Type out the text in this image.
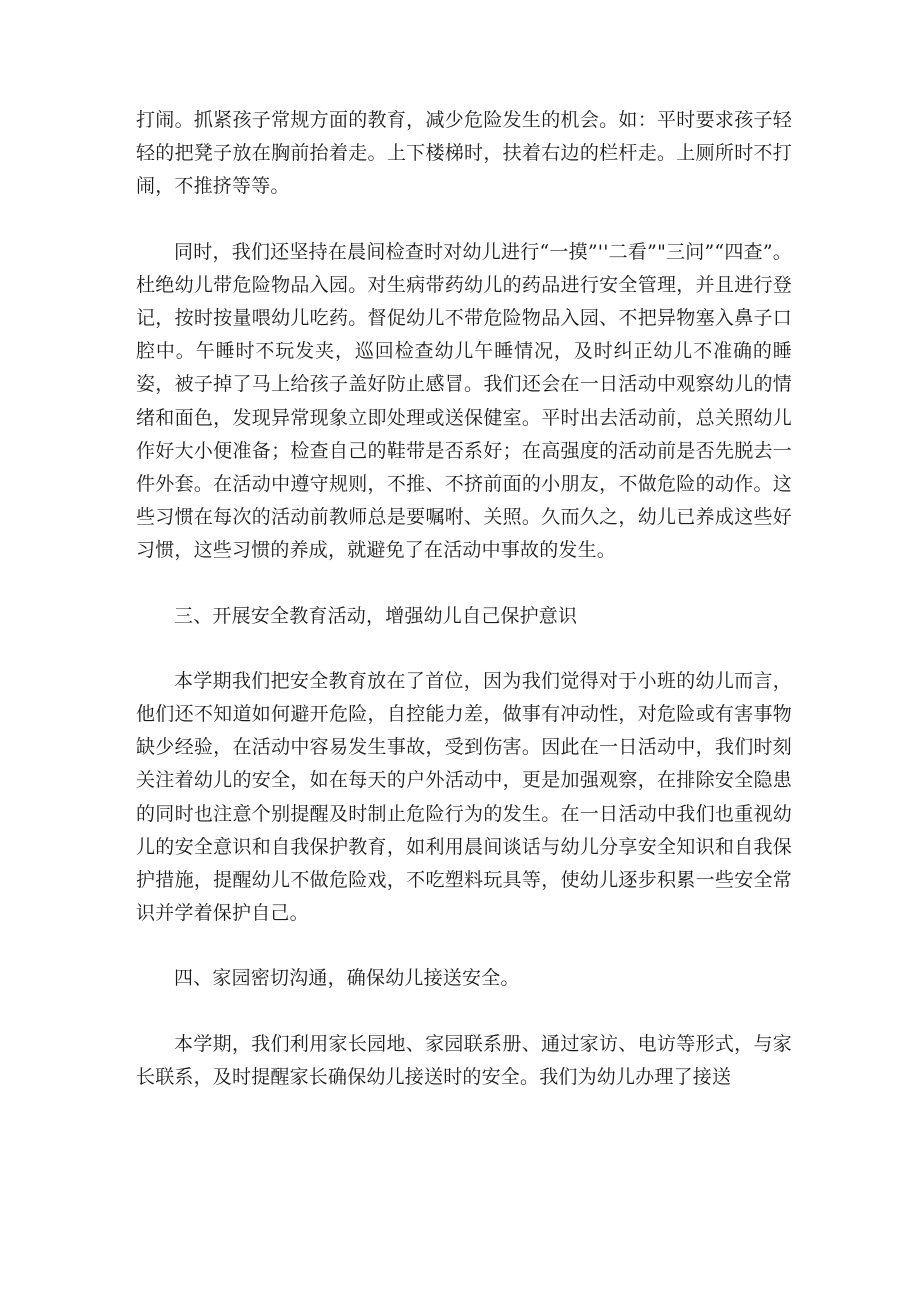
打闹。抓紧孩子常规方面的教育，减少危险发生的机会。如：平时要求孩子轻轻的把凳子放在胸前抬着走。上下楼梯时，扶着右边的栏杆走。上厕所时不打闹，不推挤等等。

同时，我们还坚持在晨间检查时对幼儿进行“一摸”''二看”"三问”“四查”。杜绝幼儿带危险物品入园。对生病带药幼儿的药品进行安全管理，并且进行登记，按时按量喂幼儿吃药。督促幼儿不带危险物品入园、不把异物塞入鼻子口腔中。午睡时不玩发夹，巡回检查幼儿午睡情况，及时纠正幼儿不准确的睡姿，被子掉了马上给孩子盖好防止感冒。我们还会在一日活动中观察幼儿的情绪和面色，发现异常现象立即处理或送保健室。平时出去活动前，总关照幼儿作好大小便准备；检查自己的鞋带是否系好；在高强度的活动前是否先脱去一件外套。在活动中遵守规则，不推、不挤前面的小朋友，不做危险的动作。这些习惯在每次的活动前教师总是要嘱咐、关照。久而久之，幼儿已养成这些好习惯，这些习惯的养成，就避免了在活动中事故的发生。

三、开展安全教育活动，增强幼儿自己保护意识

本学期我们把安全教育放在了首位，因为我们觉得对于小班的幼儿而言，他们还不知道如何避开危险，自控能力差，做事有冲动性，对危险或有害事物缺少经验，在活动中容易发生事故，受到伤害。因此在一日活动中，我们时刻关注着幼儿的安全，如在每天的户外活动中，更是加强观察，在排除安全隐患的同时也注意个别提醒及时制止危险行为的发生。在一日活动中我们也重视幼儿的安全意识和自我保护教育，如利用晨间谈话与幼儿分享安全知识和自我保护措施，提醒幼儿不做危险戏，不吃塑料玩具等，使幼儿逐步积累一些安全常识并学着保护自己。

四、家园密切沟通，确保幼儿接送安全。

本学期，我们利用家长园地、家园联系册、通过家访、电访等形式，与家长联系，及时提醒家长确保幼儿接送时的安全。我们为幼儿办理了接送
